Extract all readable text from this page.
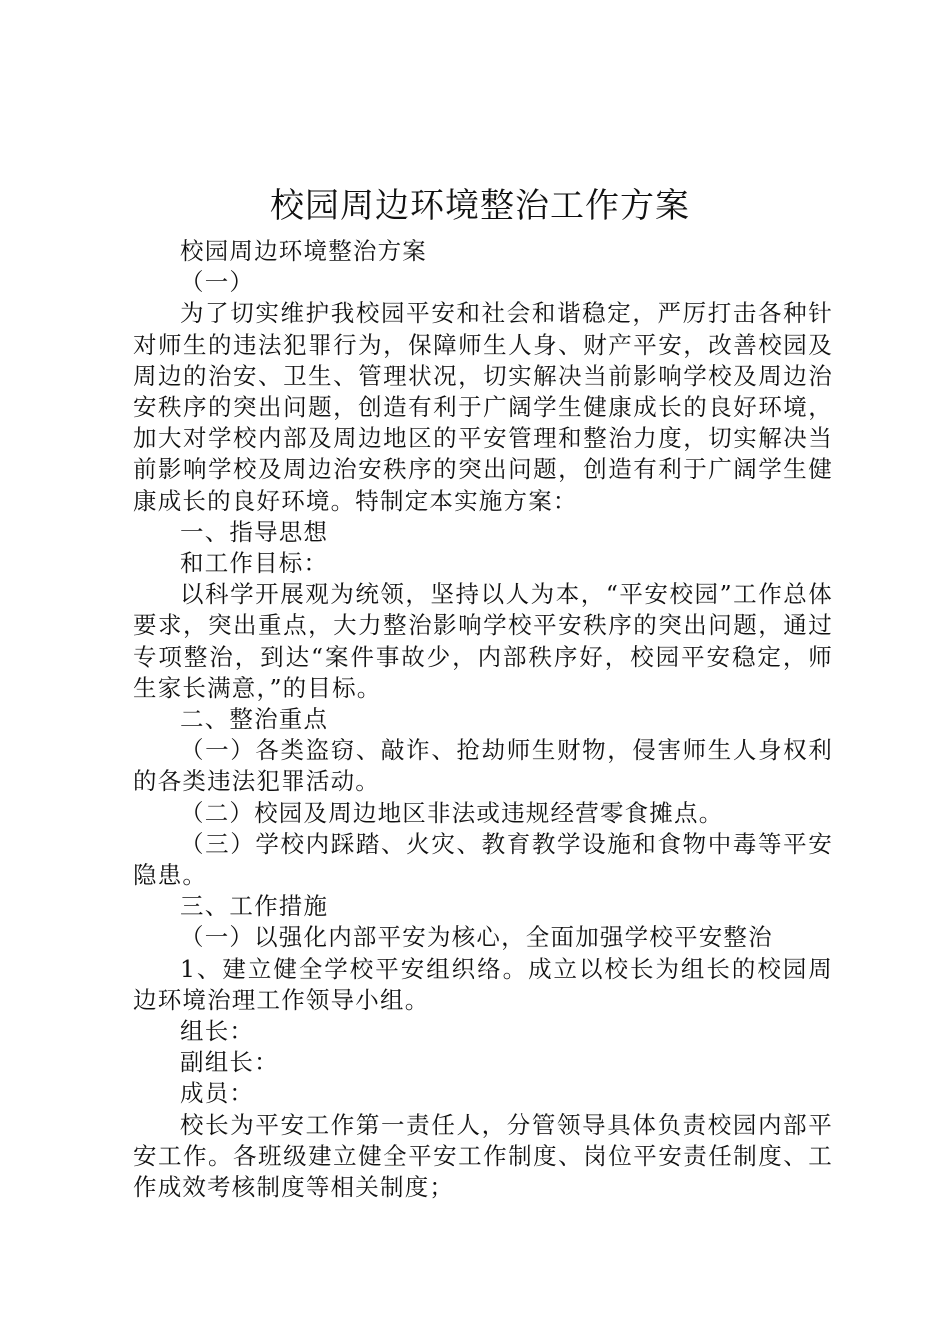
校园周边环境整治工作方案

校园周边环境整治方案

（一）

为了切实维护我校园平安和社会和谐稳定，严厉打击各种针对师生的违法犯罪行为，保障师生人身、财产平安，改善校园及周边的治安、卫生、管理状况，切实解决当前影响学校及周边治安秩序的突出问题，创造有利于广阔学生健康成长的良好环境，加大对学校内部及周边地区的平安管理和整治力度，切实解决当前影响学校及周边治安秩序的突出问题，创造有利于广阔学生健康成长的良好环境。特制定本实施方案：

一、指导思想

和工作目标：

以科学开展观为统领，坚持以人为本，“平安校园”工作总体要求，突出重点，大力整治影响学校平安秩序的突出问题，通过专项整治，到达“案件事故少，内部秩序好，校园平安稳定，师生家长满意，”的目标。

二、整治重点

（一）各类盗窃、敲诈、抢劫师生财物，侵害师生人身权利的各类违法犯罪活动。

（二）校园及周边地区非法或违规经营零食摊点。

（三）学校内踩踏、火灾、教育教学设施和食物中毒等平安隐患。

三、工作措施

（一）以强化内部平安为核心，全面加强学校平安整治

1、建立健全学校平安组织络。成立以校长为组长的校园周边环境治理工作领导小组。

组长：

副组长：

成员：

校长为平安工作第一责任人，分管领导具体负责校园内部平安工作。各班级建立健全平安工作制度、岗位平安责任制度、工作成效考核制度等相关制度；
